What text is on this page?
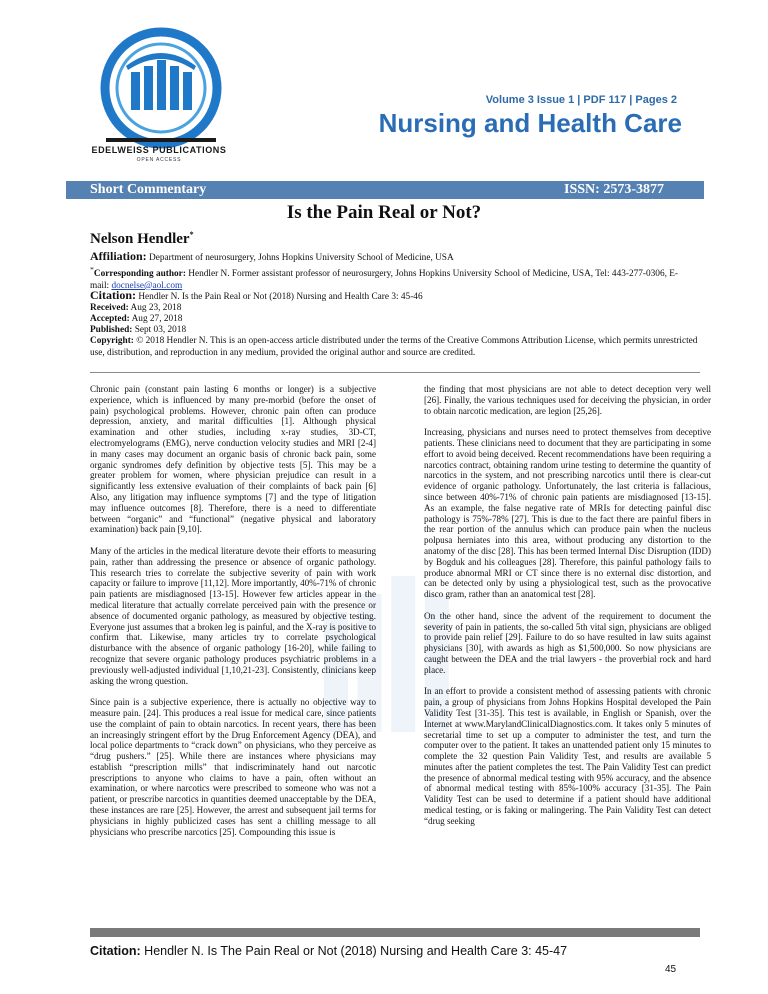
EDELWEISS PUBLICATIONS
OPEN ACCESS
Volume 3 Issue 1 | PDF 117 | Pages 2
Nursing and Health Care
Short Commentary	ISSN: 2573-3877
Is the Pain Real or Not?
Nelson Hendler*
Affiliation: Department of neurosurgery, Johns Hopkins University School of Medicine, USA
*Corresponding author: Hendler N. Former assistant professor of neurosurgery, Johns Hopkins University School of Medicine, USA, Tel: 443-277-0306, E-mail: docnelse@aol.com
Citation: Hendler N. Is the Pain Real or Not (2018) Nursing and Health Care 3: 45-46
Received: Aug 23, 2018
Accepted: Aug 27, 2018
Published: Sept 03, 2018
Copyright: © 2018 Hendler N. This is an open-access article distributed under the terms of the Creative Commons Attribution License, which permits unrestricted use, distribution, and reproduction in any medium, provided the original author and source are credited.

Chronic pain (constant pain lasting 6 months or longer) is a subjective experience, which is influenced by many pre-morbid (before the onset of pain) psychological problems. However, chronic pain often can produce depression, anxiety, and marital difficulties [1]. Although physical examination and other studies, including x-ray studies, 3D-CT, electromyelograms (EMG), nerve conduction velocity studies and MRI [2-4] in many cases may document an organic basis of chronic back pain, some organic syndromes defy definition by objective tests [5]. This may be a greater problem for women, where physician prejudice can result in a significantly less extensive evaluation of their complaints of back pain [6] Also, any litigation may influence symptoms [7] and the type of litigation may influence outcomes [8]. Therefore, there is a need to differentiate between “organic” and “functional” (negative physical and laboratory examination) back pain [9,10].

Many of the articles in the medical literature devote their efforts to measuring pain, rather than addressing the presence or absence of organic pathology. This research tries to correlate the subjective severity of pain with work capacity or failure to improve [11,12]. More importantly, 40%-71% of chronic pain patients are misdiagnosed [13-15]. However few articles appear in the medical literature that actually correlate perceived pain with the presence or absence of documented organic pathology, as measured by objective testing. Everyone just assumes that a broken leg is painful, and the X-ray is positive to confirm that. Likewise, many articles try to correlate psychological disturbance with the absence of organic pathology [16-20], while failing to recognize that severe organic pathology produces psychiatric problems in a previously well-adjusted individual [1,10,21-23]. Consistently, clinicians keep asking the wrong question.

Since pain is a subjective experience, there is actually no objective way to measure pain. [24]. This produces a real issue for medical care, since patients use the complaint of pain to obtain narcotics. In recent years, there has been an increasingly stringent effort by the Drug Enforcement Agency (DEA), and local police departments to “crack down” on physicians, who they perceive as “drug pushers.” [25]. While there are instances where physicians may establish “prescription mills” that indiscriminately hand out narcotic prescriptions to anyone who claims to have a pain, often without an examination, or where narcotics were prescribed to someone who was not a patient, or prescribe narcotics in quantities deemed unacceptable by the DEA, these instances are rare [25]. However, the arrest and subsequent jail terms for physicians in highly publicized cases has sent a chilling message to all physicians who prescribe narcotics [25]. Compounding this issue is

the finding that most physicians are not able to detect deception very well [26]. Finally, the various techniques used for deceiving the physician, in order to obtain narcotic medication, are legion [25,26].

Increasing, physicians and nurses need to protect themselves from deceptive patients. These clinicians need to document that they are participating in some effort to avoid being deceived. Recent recommendations have been requiring a narcotics contract, obtaining random urine testing to determine the quantity of narcotics in the system, and not prescribing narcotics until there is clear-cut evidence of organic pathology. Unfortunately, the last criteria is fallacious, since between 40%-71% of chronic pain patients are misdiagnosed [13-15]. As an example, the false negative rate of MRIs for detecting painful disc pathology is 75%-78% [27]. This is due to the fact there are painful fibers in the rear portion of the annulus which can produce pain when the nucleus polpusa herniates into this area, without producing any distortion to the anatomy of the disc [28]. This has been termed Internal Disc Disruption (IDD) by Bogduk and his colleagues [28]. Therefore, this painful pathology fails to produce abnormal MRI or CT since there is no external disc distortion, and can be detected only by using a physiological test, such as the provocative disco gram, rather than an anatomical test [28].

On the other hand, since the advent of the requirement to document the severity of pain in patients, the so-called 5th vital sign, physicians are obliged to provide pain relief [29]. Failure to do so have resulted in law suits against physicians [30], with awards as high as $1,500,000. So now physicians are caught between the DEA and the trial lawyers - the proverbial rock and hard place.

In an effort to provide a consistent method of assessing patients with chronic pain, a group of physicians from Johns Hopkins Hospital developed the Pain Validity Test [31-35]. This test is available, in English or Spanish, over the Internet at www.MarylandClinicalDiagnostics.com. It takes only 5 minutes of secretarial time to set up a computer to administer the test, and turn the computer over to the patient. It takes an unattended patient only 15 minutes to complete the 32 question Pain Validity Test, and results are available 5 minutes after the patient completes the test. The Pain Validity Test can predict the presence of abnormal medical testing with 95% accuracy, and the absence of abnormal medical testing with 85%-100% accuracy [31-35]. The Pain Validity Test can be used to determine if a patient should have additional medical testing, or is faking or malingering. The Pain Validity Test can detect “drug seeking

Citation: Hendler N. Is The Pain Real or Not (2018) Nursing and Health Care 3: 45-47
45
